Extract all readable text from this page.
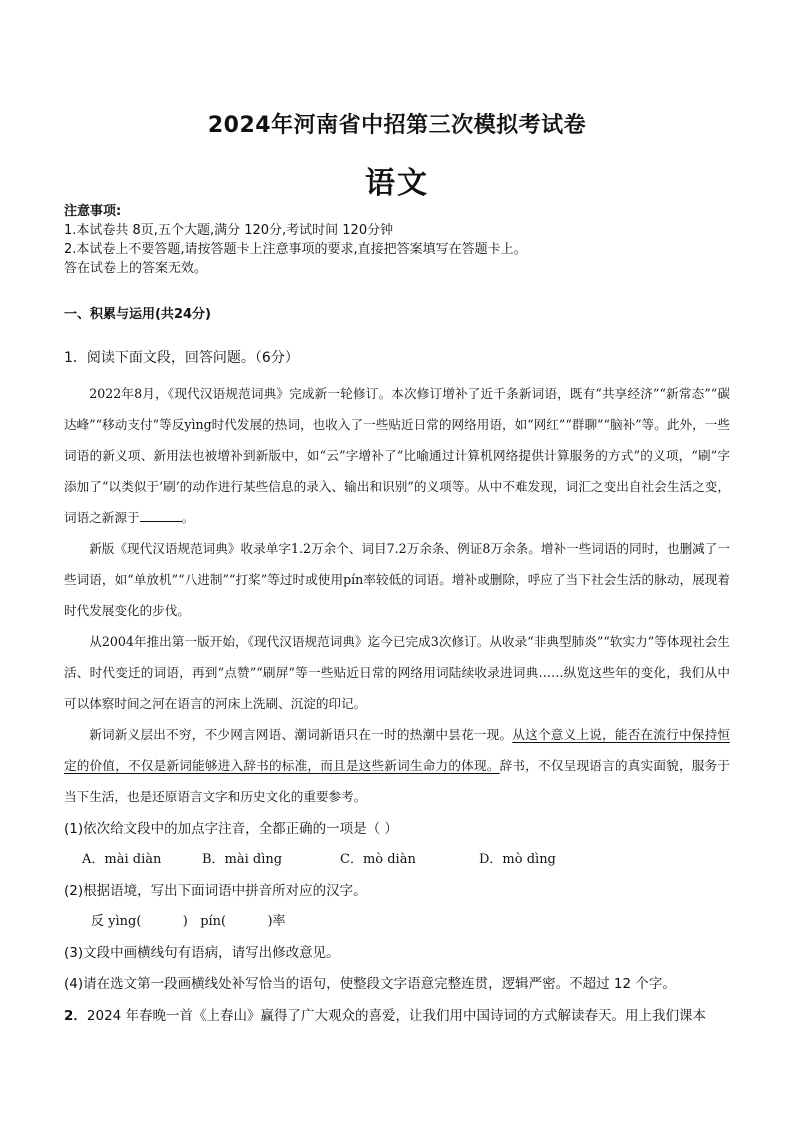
2024年河南省中招第三次模拟考试卷
语文
注意事项:
1.本试卷共 8页,五个大题,满分 120分,考试时间 120分钟
2.本试卷上不要答题,请按答题卡上注意事项的要求,直接把答案填写在答题卡上。
答在试卷上的答案无效。
一、积累与运用(共24分)
1．阅读下面文段，回答问题。（6分）

2022年8月，《现代汉语规范词典》完成新一轮修订。本次修订增补了近千条新词语，既有“共享经济”“新常态”“碳达峰”“移动支付”等反yìng时代发展的热词，也收入了一些贴近日常的网络用语，如“网红”“群聊”“脑补”等。此外，一些词语的新义项、新用法也被增补到新版中，如“云”字增补了“比喻通过计算机网络提供计算服务的方式”的义项，“刷”字添加了“以类似于‘刷’的动作进行某些信息的录入、输出和识别”的义项等。从中不难发现，词汇之变出自社会生活之变，词语之新源于	。

新版《现代汉语规范词典》收录单字1.2万余个、词目7.2万余条、例证8万余条。增补一些词语的同时，也删减了一些词语，如“单放机”“八进制”“打桨”等过时或使用pín率较低的词语。增补或删除，呼应了当下社会生活的脉动，展现着时代发展变化的步伐。

从2004年推出第一版开始，《现代汉语规范词典》迄今已完成3次修订。从收录“非典型肺炎”“软实力”等体现社会生活、时代变迁的词语，再到“点赞”“刷屏”等一些贴近日常的网络用词陆续收录进词典……纵览这些年的变化，我们从中可以体察时间之河在语言的河床上洗刷、沉淀的印记。

新词新义层出不穷，不少网言网语、潮词新语只在一时的热潮中昙花一现。从这个意义上说，能否在流行中保持恒定的价值，不仅是新词能够进入辞书的标准，而且是这些新词生命力的体现。辞书，不仅呈现语言的真实面貌，服务于当下生活，也是还原语言文字和历史文化的重要参考。

(1)依次给文段中的加点字注音，全都正确的一项是（ ）
A．mài diàn	B．mài dìng	C．mò diàn	D．mò dìng
(2)根据语境，写出下面词语中拼音所对应的汉字。
反 yìng(          ) pín(          )率
(3)文段中画横线句有语病，请写出修改意见。
(4)请在选文第一段画横线处补写恰当的语句，使整段文字语意完整连贯，逻辑严密。不超过 12 个字。
2．2024 年春晚一首《上春山》赢得了广大观众的喜爱，让我们用中国诗词的方式解读春天。用上我们课本
